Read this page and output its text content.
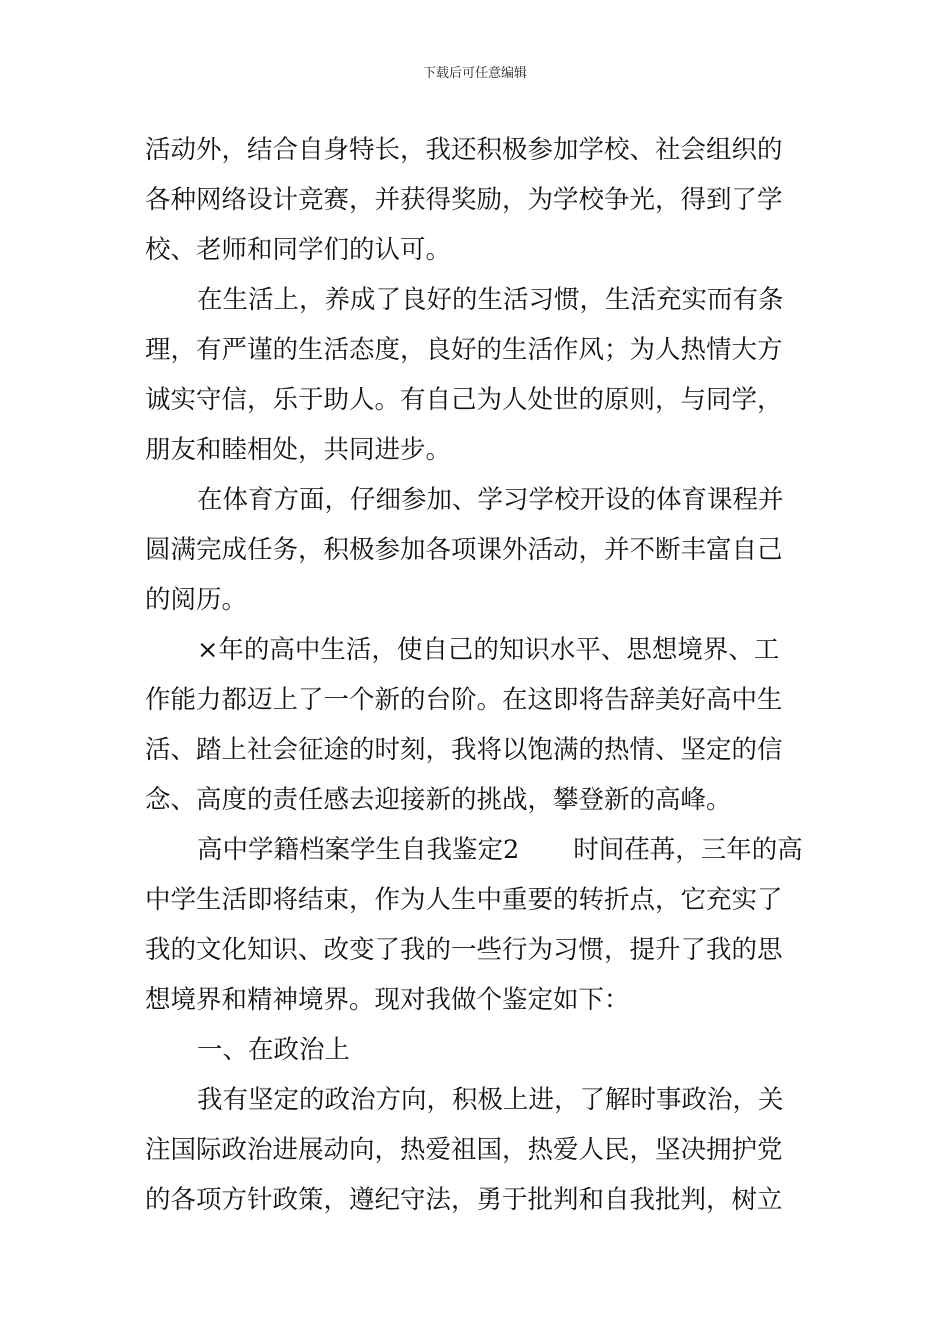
下载后可任意编辑
活动外，结合自身特长，我还积极参加学校、社会组织的
各种网络设计竞赛，并获得奖励，为学校争光，得到了学
校、老师和同学们的认可。
在生活上，养成了良好的生活习惯，生活充实而有条
理，有严谨的生活态度，良好的生活作风；为人热情大方
诚实守信，乐于助人。有自己为人处世的原则，与同学，
朋友和睦相处，共同进步。
在体育方面，仔细参加、学习学校开设的体育课程并
圆满完成任务，积极参加各项课外活动，并不断丰富自己
的阅历。
×年的高中生活，使自己的知识水平、思想境界、工
作能力都迈上了一个新的台阶。在这即将告辞美好高中生
活、踏上社会征途的时刻，我将以饱满的热情、坚定的信
念、高度的责任感去迎接新的挑战，攀登新的高峰。
高中学籍档案学生自我鉴定2 时间荏苒，三年的高
中学生活即将结束，作为人生中重要的转折点，它充实了
我的文化知识、改变了我的一些行为习惯，提升了我的思
想境界和精神境界。现对我做个鉴定如下：
一、在政治上
我有坚定的政治方向，积极上进，了解时事政治，关
注国际政治进展动向，热爱祖国，热爱人民，坚决拥护党
的各项方针政策，遵纪守法，勇于批判和自我批判，树立
